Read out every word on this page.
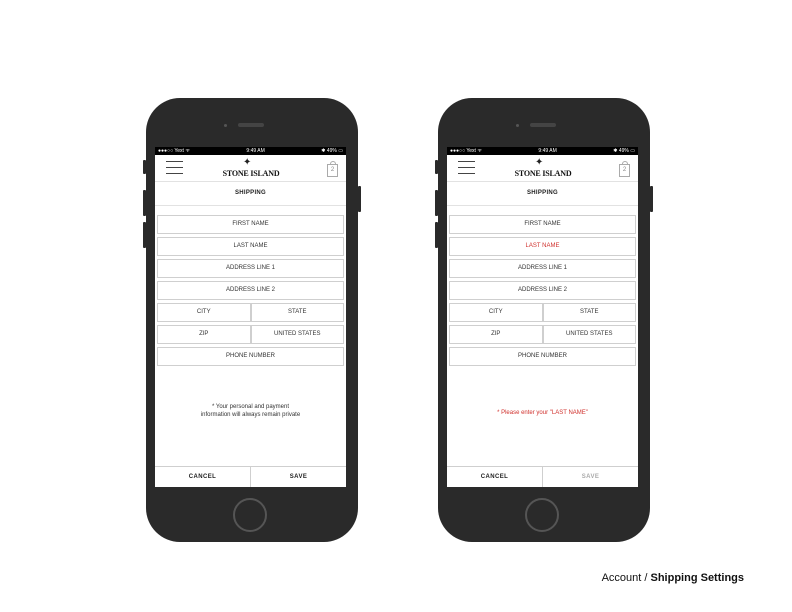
●●●○○ Yext ᯤ	9:49 AM	✱ 49% ▭
✦
STONE ISLAND	2
SHIPPING
FIRST NAME
LAST NAME
ADDRESS LINE 1
ADDRESS LINE 2
CITY	STATE
ZIP	UNITED STATES
PHONE NUMBER
* Your personal and payment
information will always remain private
CANCEL	SAVE
●●●○○ Yext ᯤ	9:49 AM	✱ 49% ▭
✦
STONE ISLAND	2
SHIPPING
FIRST NAME
LAST NAME
ADDRESS LINE 1
ADDRESS LINE 2
CITY	STATE
ZIP	UNITED STATES
PHONE NUMBER
* Please enter your "LAST NAME"
CANCEL	SAVE
Account / Shipping Settings
